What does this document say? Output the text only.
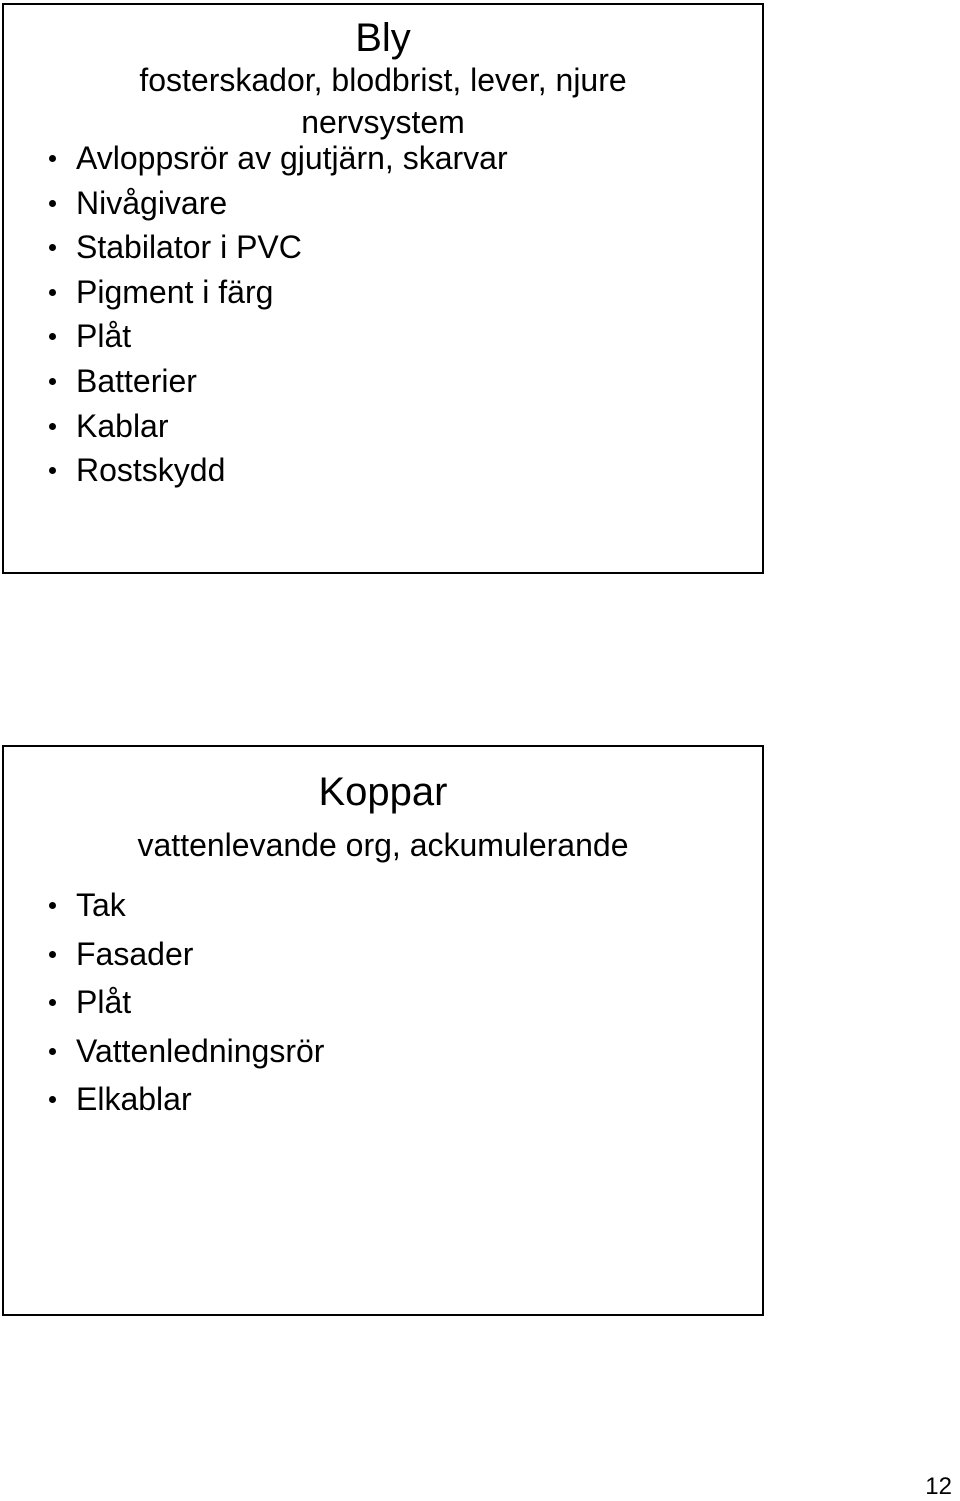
Bly
fosterskador, blodbrist, lever, njure
nervsystem
Avloppsrör av gjutjärn, skarvar
Nivågivare
Stabilator i PVC
Pigment i färg
Plåt
Batterier
Kablar
Rostskydd
Koppar
vattenlevande org, ackumulerande
Tak
Fasader
Plåt
Vattenledningsrör
Elkablar
12
